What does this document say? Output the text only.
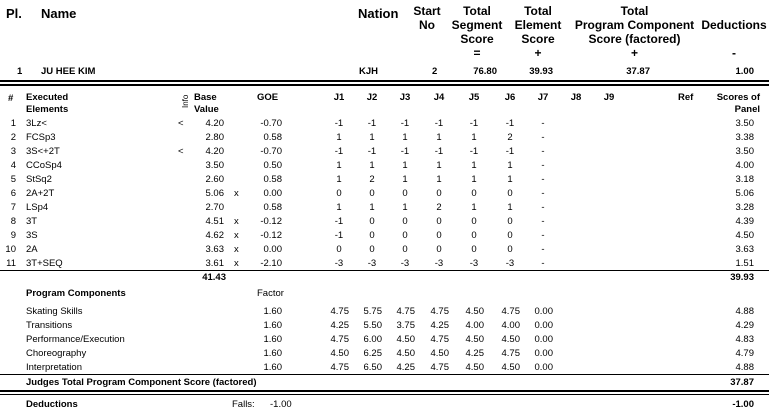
Pl. Name	Nation	Start
No
Total
Segment
Score
=
Total
Element
Score
+
Total
Program Component
Score (factored)
+
Deductions
-
1 JU HEE KIM	KJH	2	76.80	39.93	37.87	1.00
# Executed
Elements
Info Base
Value
GOE	J1	J2	J3	J4	J5	J6	J7	J8	J9	Ref	Scores of
Panel
1 3Lz<	<	4.20	-0.70	-1	-1	-1	-1	-1	-1	-	3.50
2 FCSp3	2.80	0.58	1	1	1	1	1	2	-	3.38
3 3S<+2T	<	4.20	-0.70	-1	-1	-1	-1	-1	-1	-	3.50
4 CCoSp4	3.50	0.50	1	1	1	1	1	1	-	4.00
5 StSq2	2.60	0.58	1	2	1	1	1	1	-	3.18
6 2A+2T	5.06 x	0.00	0	0	0	0	0	0	-	5.06
7 LSp4	2.70	0.58	1	1	1	2	1	1	-	3.28
8 3T	4.51 x	-0.12	-1	0	0	0	0	0	-	4.39
9 3S	4.62 x	-0.12	-1	0	0	0	0	0	-	4.50
10 2A	3.63 x	0.00	0	0	0	0	0	0	-	3.63
11 3T+SEQ	3.61 x	-2.10	-3	-3	-3	-3	-3	-3	-	1.51
41.43	39.93
Program Components	Factor
Skating Skills	1.60	4.75	5.75	4.75	4.75	4.50	4.75	0.00	4.88
Transitions	1.60	4.25	5.50	3.75	4.25	4.00	4.00	0.00	4.29
Performance/Execution	1.60	4.75	6.00	4.50	4.75	4.50	4.50	0.00	4.83
Choreography	1.60	4.50	6.25	4.50	4.50	4.25	4.75	0.00	4.79
Interpretation	1.60	4.75	6.50	4.25	4.75	4.50	4.50	0.00	4.88
Judges Total Program Component Score (factored)	37.87
Deductions	Falls: -1.00	-1.00
